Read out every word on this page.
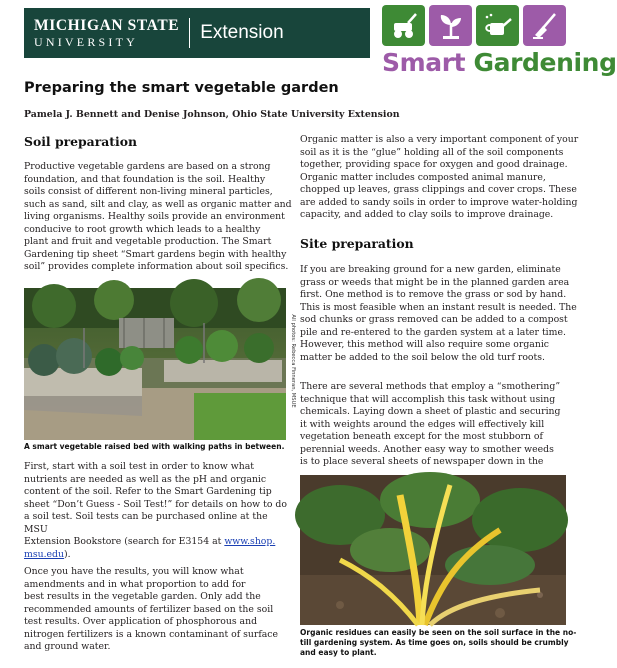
MICHIGAN STATE
UNIVERSITY	Extension
Smart Gardening
Preparing the smart vegetable garden
Pamela J. Bennett and Denise Johnson, Ohio State University Extension
Soil preparation

Productive vegetable gardens are based on a strong
foundation, and that foundation is the soil. Healthy
soils consist of different non-living mineral particles,
such as sand, silt and clay, as well as organic matter and
living organisms. Healthy soils provide an environment
conducive to root growth which leads to a healthy
plant and fruit and vegetable production. The Smart
Gardening tip sheet “Smart gardens begin with healthy
soil” provides complete information about soil specifics.

All photos: Rebecca Finneran, MSUE
A smart vegetable raised bed with walking paths in between.

First, start with a soil test in order to know what
nutrients are needed as well as the pH and organic
content of the soil. Refer to the Smart Gardening tip
sheet “Don’t Guess - Soil Test!” for details on how to do
a soil test. Soil tests can be purchased online at the MSU
Extension Bookstore (search for E3154 at www.shop.
msu.edu).

Once you have the results, you will know what
amendments and in what proportion to add for
best results in the vegetable garden. Only add the
recommended amounts of fertilizer based on the soil
test results. Over application of phosphorous and
nitrogen fertilizers is a known contaminant of surface
and ground water.

Organic matter is also a very important component of your
soil as it is the “glue” holding all of the soil components
together, providing space for oxygen and good drainage.
Organic matter includes composted animal manure,
chopped up leaves, grass clippings and cover crops. These
are added to sandy soils in order to improve water-holding
capacity, and added to clay soils to improve drainage.

Site preparation

If you are breaking ground for a new garden, eliminate
grass or weeds that might be in the planned garden area
first. One method is to remove the grass or sod by hand.
This is most feasible when an instant result is needed. The
sod chunks or grass removed can be added to a compost
pile and re-entered to the garden system at a later time.
However, this method will also require some organic
matter be added to the soil below the old turf roots.

There are several methods that employ a “smothering”
technique that will accomplish this task without using
chemicals. Laying down a sheet of plastic and securing
it with weights around the edges will effectively kill
vegetation beneath except for the most stubborn of
perennial weeds. Another easy way to smother weeds
is to place several sheets of newspaper down in the

Organic residues can easily be seen on the soil surface in the no-
till gardening system. As time goes on, soils should be crumbly
and easy to plant.
